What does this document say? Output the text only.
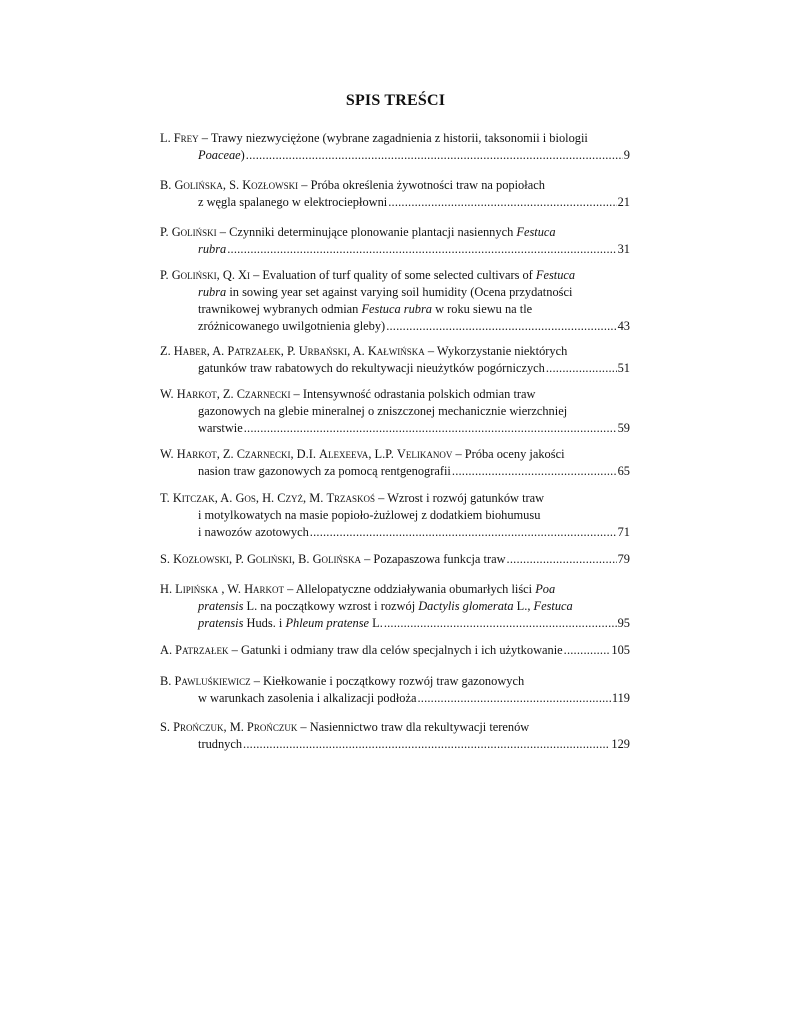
SPIS TREŚCI
L. Frey – Trawy niezwyciężone (wybrane zagadnienia z historii, taksonomii i biologii
Poaceae) .....	9
B. Golińska, S. Kozłowski – Próba określenia żywotności traw na popiołach
z węgla spalanego w elektrociepłowni .....	21
P. Goliński – Czynniki determinujące plonowanie plantacji nasiennych Festuca
rubra .....	31
P. Goliński, Q. Xi – Evaluation of turf quality of some selected cultivars of Festuca
rubra in sowing year set against varying soil humidity (Ocena przydatności
trawnikowej wybranych odmian Festuca rubra w roku siewu na tle
zróżnicowanego uwilgotnienia gleby) .....	43
Z. Haber, A. Patrzałek, P. Urbański, A. Kałwińska – Wykorzystanie niektórych
gatunków traw rabatowych do rekultywacji nieużytków pogórniczych .....	51
W. Harkot, Z. Czarnecki – Intensywność odrastania polskich odmian traw
gazonowych na glebie mineralnej o zniszczonej mechanicznie wierzchniej
warstwie .....	59
W. Harkot, Z. Czarnecki, D.I. Alexeeva, L.P. Velikanov – Próba oceny jakości
nasion traw gazonowych za pomocą rentgenografii .....	65
T. Kitczak, A. Gos, H. Czyż, M. Trzaskoś – Wzrost i rozwój gatunków traw
i motylkowatych na masie popioło-żużlowej z dodatkiem biohumusu
i nawozów azotowych .....	71
S. Kozłowski, P. Goliński, B. Golińska – Pozapaszowa funkcja traw .....	79
H. Lipińska , W. Harkot – Allelopatyczne oddziaływania obumarłych liści Poa
pratensis L. na początkowy wzrost i rozwój Dactylis glomerata L., Festuca
pratensis Huds. i Phleum pratense L. .....	95
A. Patrzałek – Gatunki i odmiany traw dla celów specjalnych i ich użytkowanie .....	105
B. Pawluśkiewicz – Kiełkowanie i początkowy rozwój traw gazonowych
w warunkach zasolenia i alkalizacji podłoża .....	119
S. Prończuk, M. Prończuk – Nasiennictwo traw dla rekultywacji terenów
trudnych .....	129
